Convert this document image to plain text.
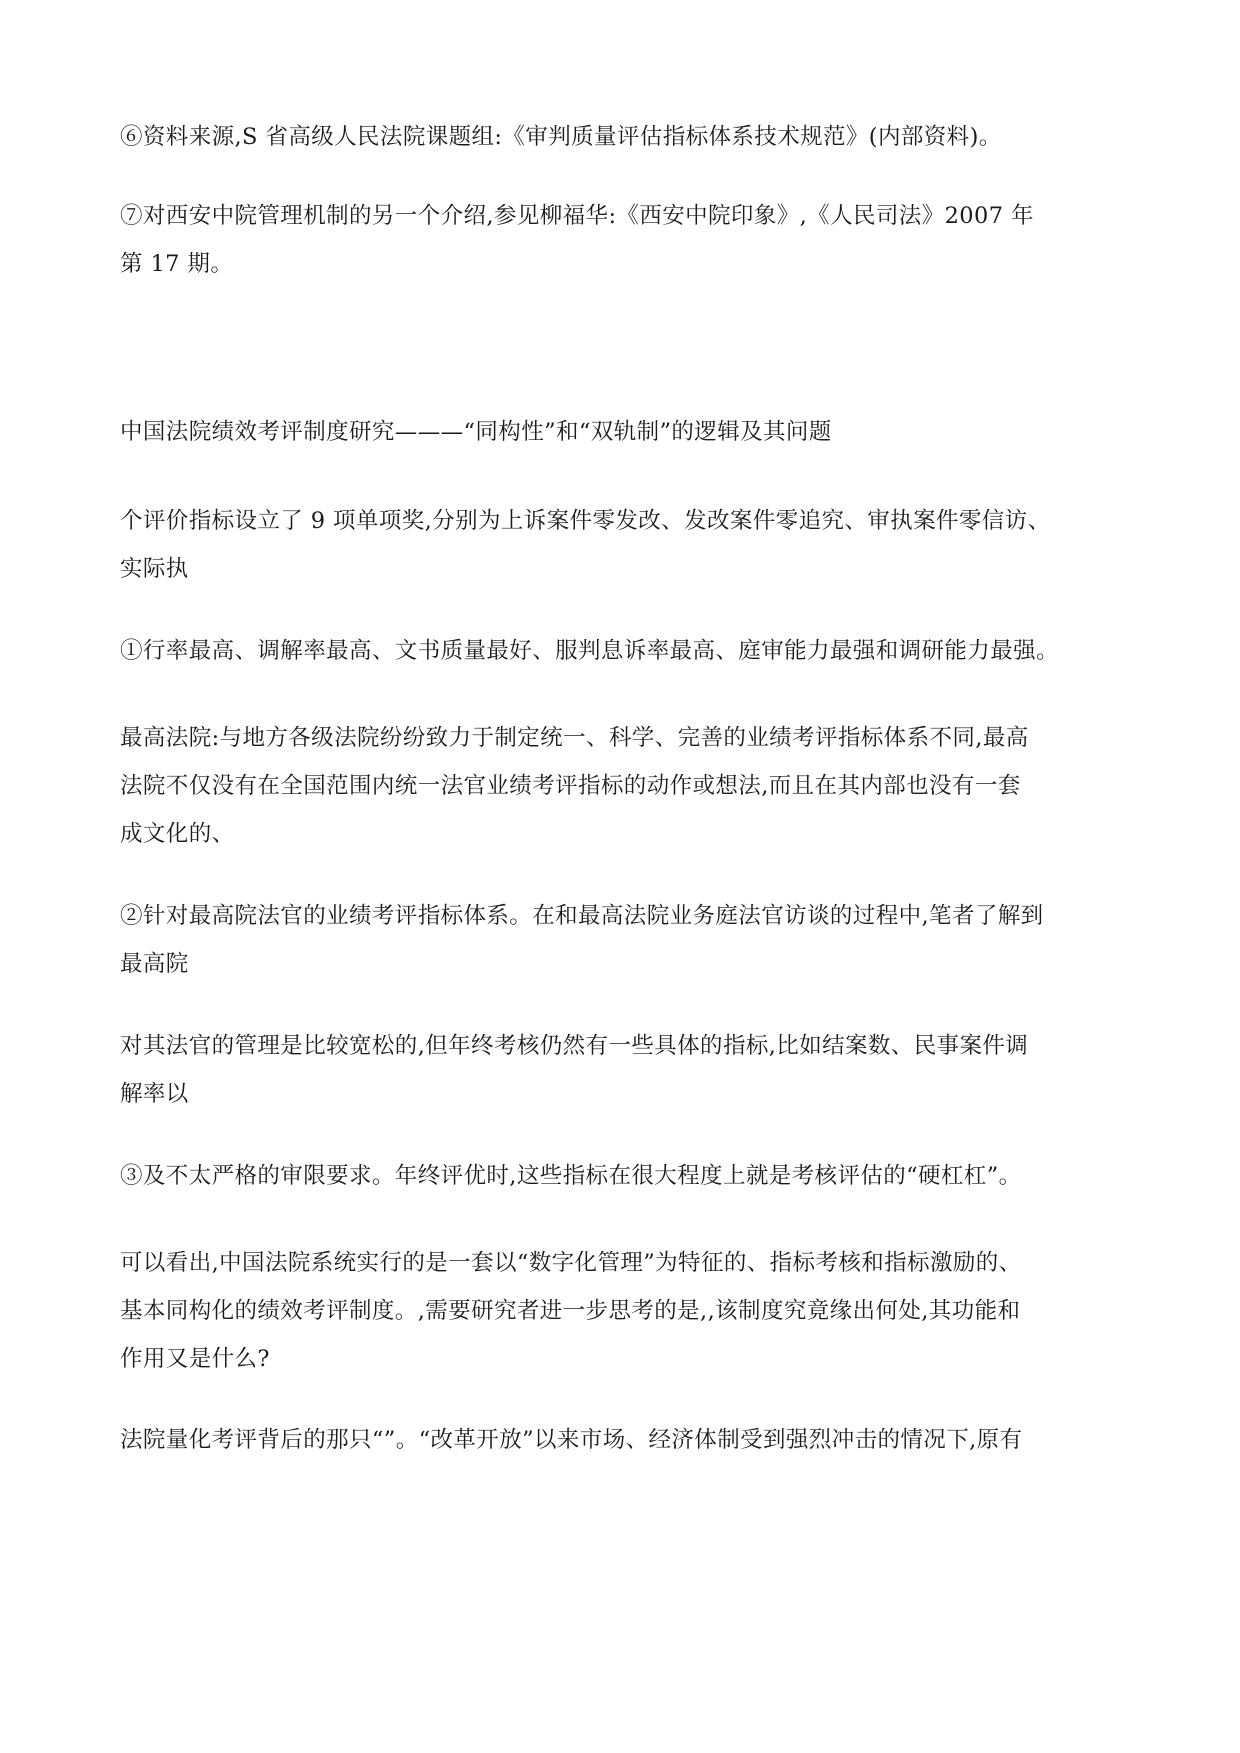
⑥资料来源,S 省高级人民法院课题组:《审判质量评估指标体系技术规范》(内部资料)。

⑦对西安中院管理机制的另一个介绍,参见柳福华:《西安中院印象》,《人民司法》2007 年
第 17 期。

中国法院绩效考评制度研究———“同构性”和“双轨制”的逻辑及其问题

个评价指标设立了 9 项单项奖,分别为上诉案件零发改、发改案件零追究、审执案件零信访、
实际执

①行率最高、调解率最高、文书质量最好、服判息诉率最高、庭审能力最强和调研能力最强。

最高法院:与地方各级法院纷纷致力于制定统一、科学、完善的业绩考评指标体系不同,最高
法院不仅没有在全国范围内统一法官业绩考评指标的动作或想法,而且在其内部也没有一套
成文化的、

②针对最高院法官的业绩考评指标体系。在和最高法院业务庭法官访谈的过程中,笔者了解到
最高院

对其法官的管理是比较宽松的,但年终考核仍然有一些具体的指标,比如结案数、民事案件调
解率以

③及不太严格的审限要求。年终评优时,这些指标在很大程度上就是考核评估的“硬杠杠”。

可以看出,中国法院系统实行的是一套以“数字化管理”为特征的、指标考核和指标激励的、
基本同构化的绩效考评制度。,需要研究者进一步思考的是,,该制度究竟缘出何处,其功能和
作用又是什么?

法院量化考评背后的那只“”。“改革开放”以来市场、经济体制受到强烈冲击的情况下,原有
